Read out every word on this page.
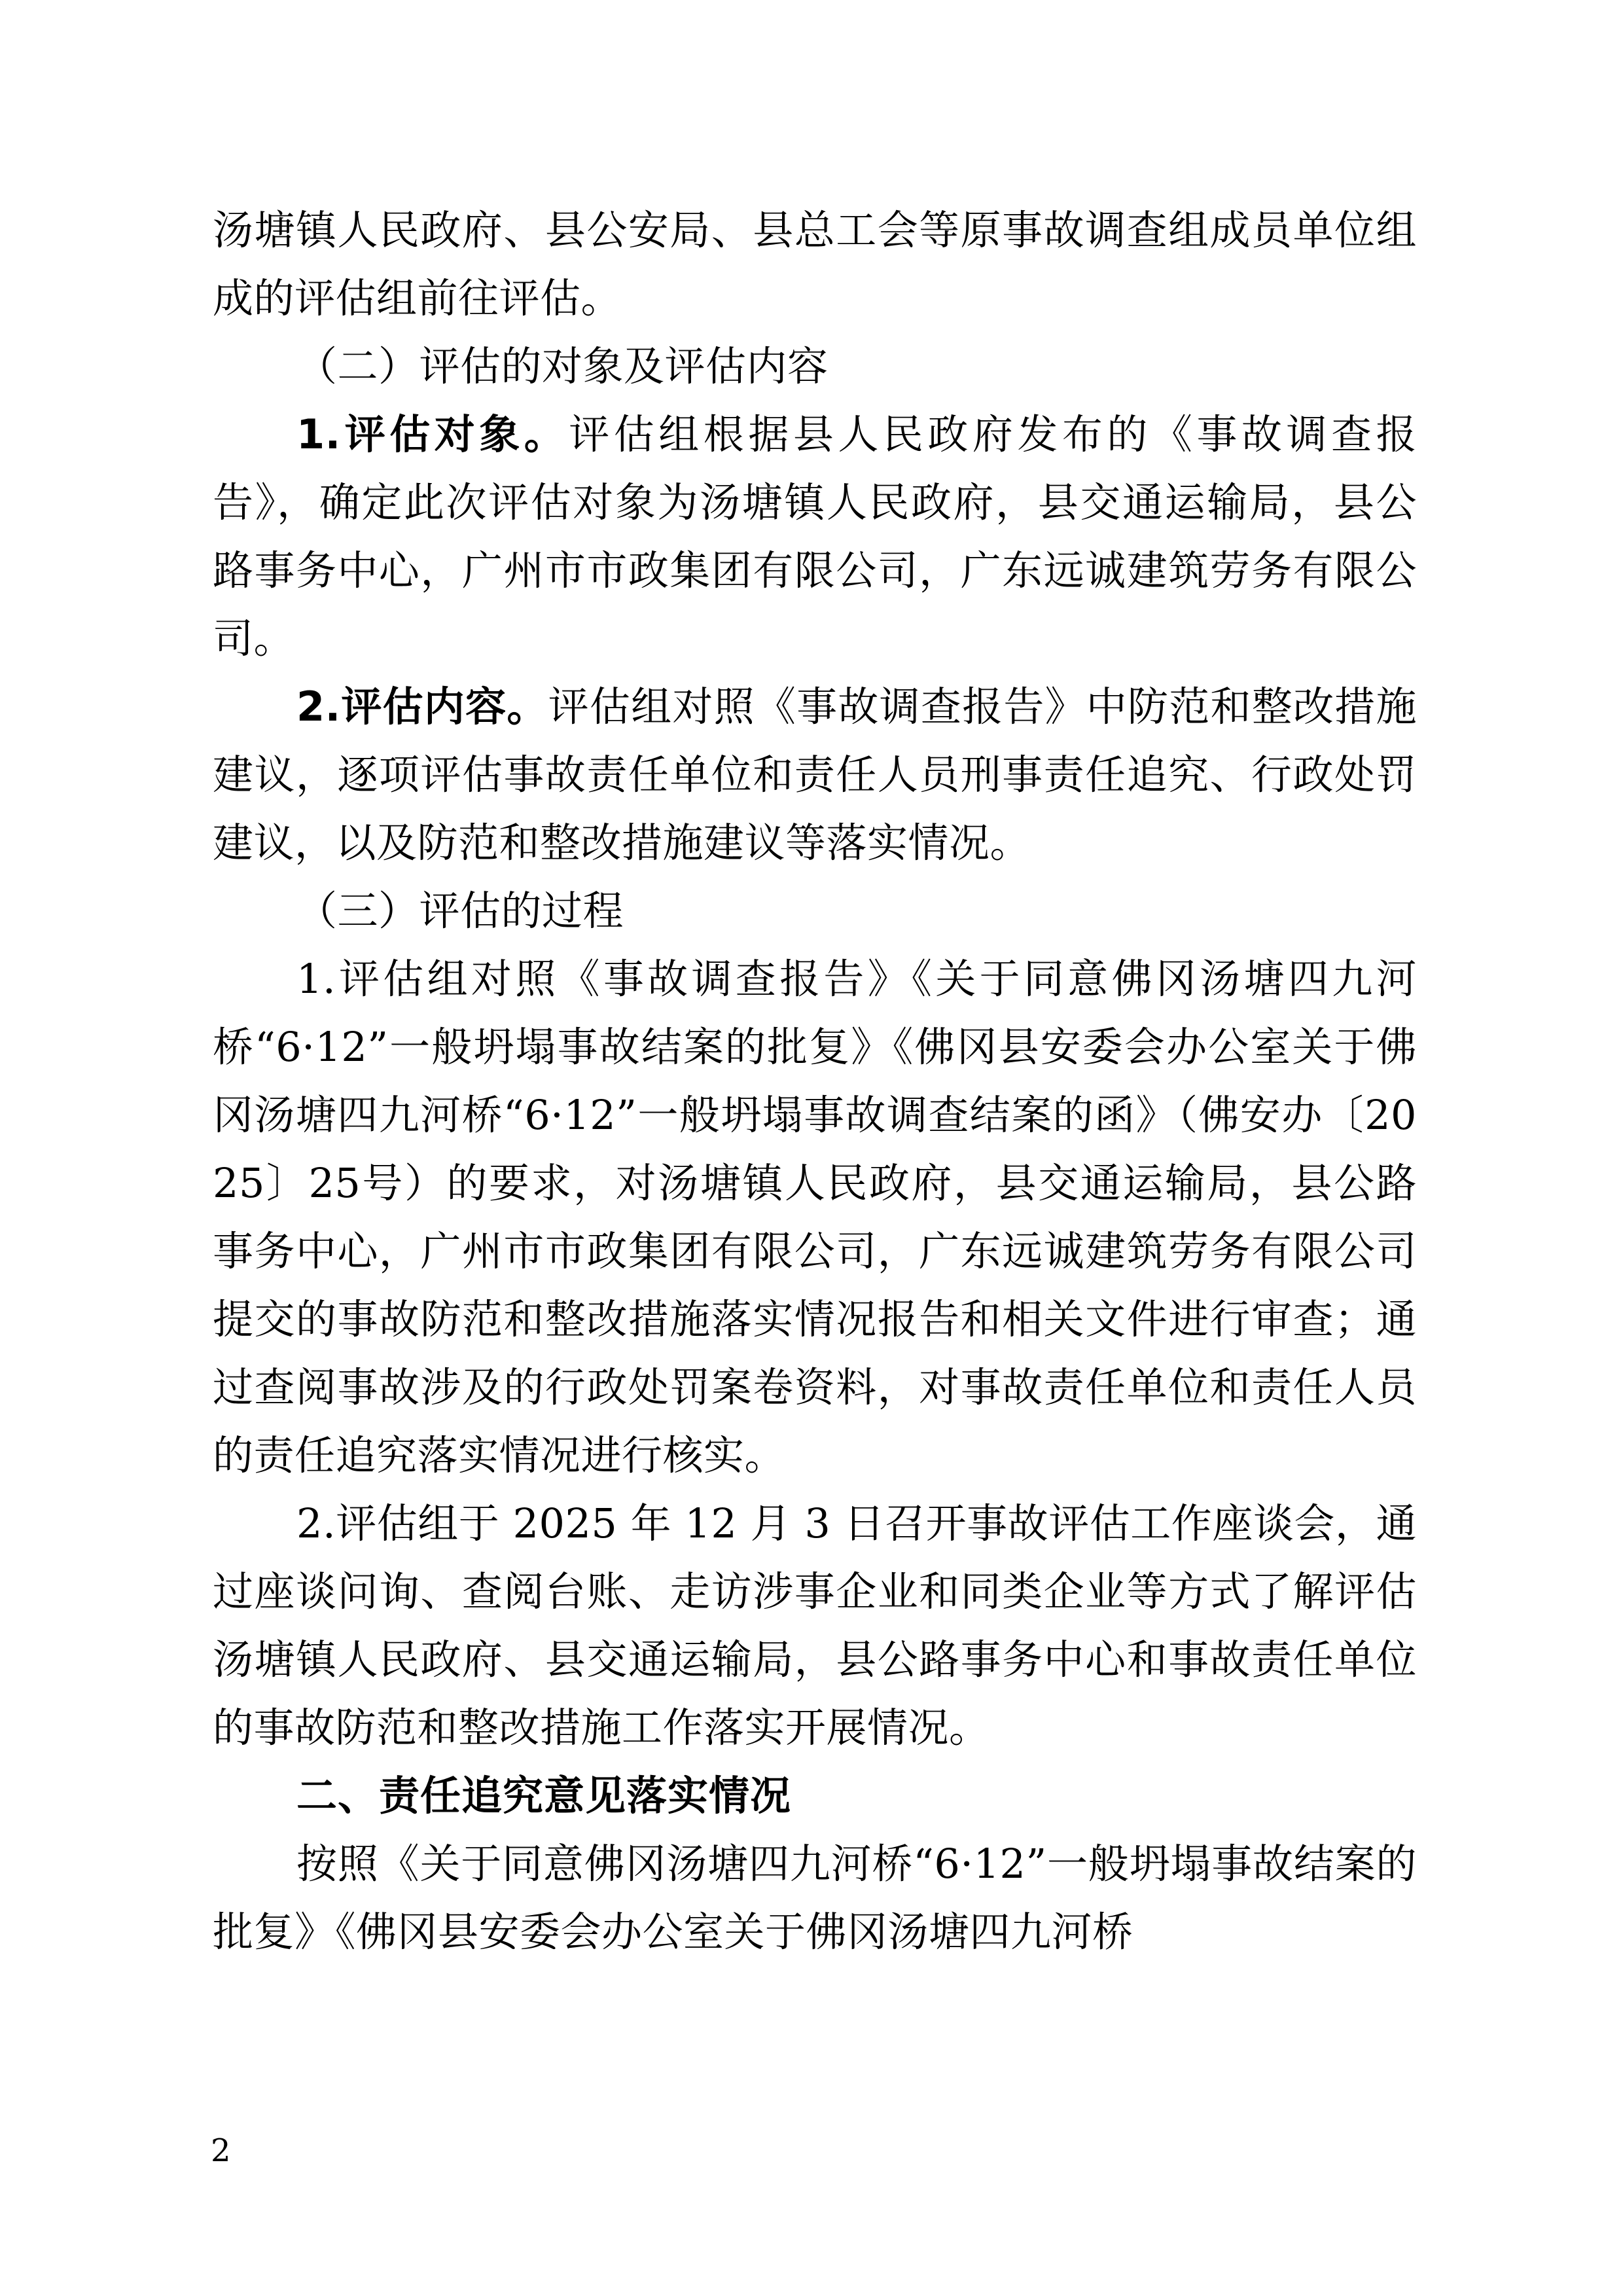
汤塘镇人民政府、县公安局、县总工会等原事故调查组成员单位组成的评估组前往评估。

（二）评估的对象及评估内容

1.评估对象。评估组根据县人民政府发布的《事故调查报告》，确定此次评估对象为汤塘镇人民政府，县交通运输局，县公路事务中心，广州市市政集团有限公司，广东远诚建筑劳务有限公司。

2.评估内容。评估组对照《事故调查报告》中防范和整改措施建议，逐项评估事故责任单位和责任人员刑事责任追究、行政处罚建议，以及防范和整改措施建议等落实情况。

（三）评估的过程

1.评估组对照《事故调查报告》《关于同意佛冈汤塘四九河桥“6·12”一般坍塌事故结案的批复》《佛冈县安委会办公室关于佛冈汤塘四九河桥“6·12”一般坍塌事故调查结案的函》（佛安办〔2025〕25号）的要求，对汤塘镇人民政府，县交通运输局，县公路事务中心，广州市市政集团有限公司，广东远诚建筑劳务有限公司提交的事故防范和整改措施落实情况报告和相关文件进行审查；通过查阅事故涉及的行政处罚案卷资料，对事故责任单位和责任人员的责任追究落实情况进行核实。

2.评估组于 2025 年 12 月 3 日召开事故评估工作座谈会，通过座谈问询、查阅台账、走访涉事企业和同类企业等方式了解评估汤塘镇人民政府、县交通运输局，县公路事务中心和事故责任单位的事故防范和整改措施工作落实开展情况。

二、责任追究意见落实情况

按照《关于同意佛冈汤塘四九河桥“6·12”一般坍塌事故结案的批复》《佛冈县安委会办公室关于佛冈汤塘四九河桥

2
